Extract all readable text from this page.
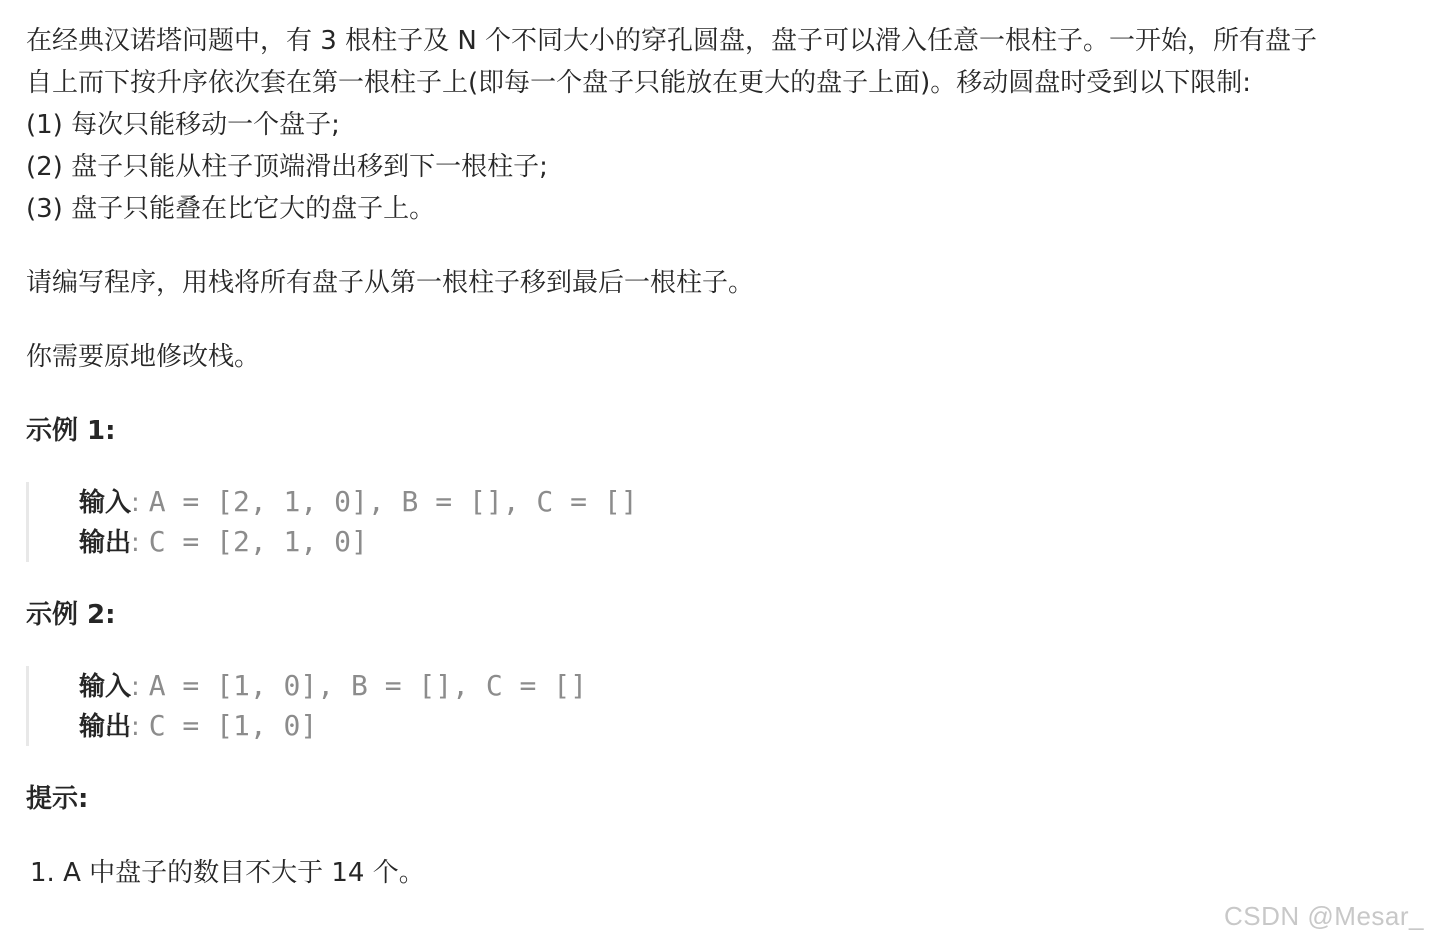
在经典汉诺塔问题中，有 3 根柱子及 N 个不同大小的穿孔圆盘，盘子可以滑入任意一根柱子。一开始，所有盘子
自上而下按升序依次套在第一根柱子上(即每一个盘子只能放在更大的盘子上面)。移动圆盘时受到以下限制:
(1) 每次只能移动一个盘子;
(2) 盘子只能从柱子顶端滑出移到下一根柱子;
(3) 盘子只能叠在比它大的盘子上。

请编写程序，用栈将所有盘子从第一根柱子移到最后一根柱子。

你需要原地修改栈。

示例 1:

输入: A = [2, 1, 0], B = [], C = []
输出: C = [2, 1, 0]

示例 2:

输入: A = [1, 0], B = [], C = []
输出: C = [1, 0]

提示:

1. A 中盘子的数目不大于 14 个。
CSDN @Mesar_
